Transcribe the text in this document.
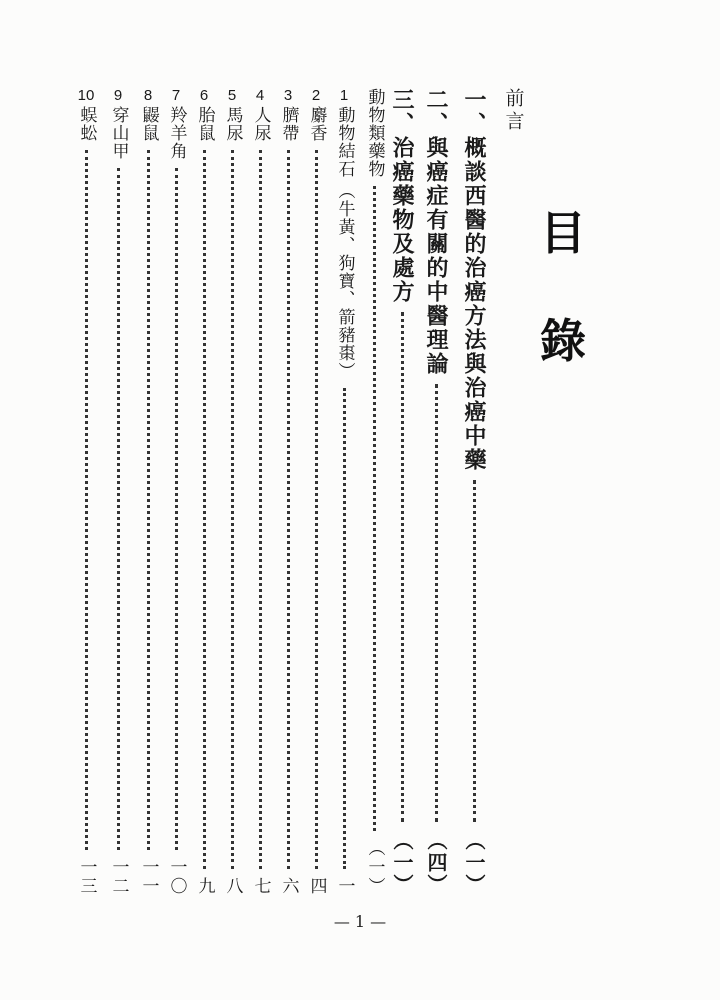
目
錄
前言
一
、
概談西醫的治癌方法與治癌中藥
（一）
二
、
與癌症有關的中醫理論
（四）
三
、
治癌藥物及處方
（一）
動物類藥物
（一）
1
動物結石
（牛黃、狗寶、箭豬棗）
一
2
麝香
四
3
臍帶
六
4
人尿
七
5
馬尿
八
6
胎鼠
九
7
羚羊角
一〇
8
鼹鼠
一一
9
穿山甲
一二
10
蜈蚣
一三
— 1 —
